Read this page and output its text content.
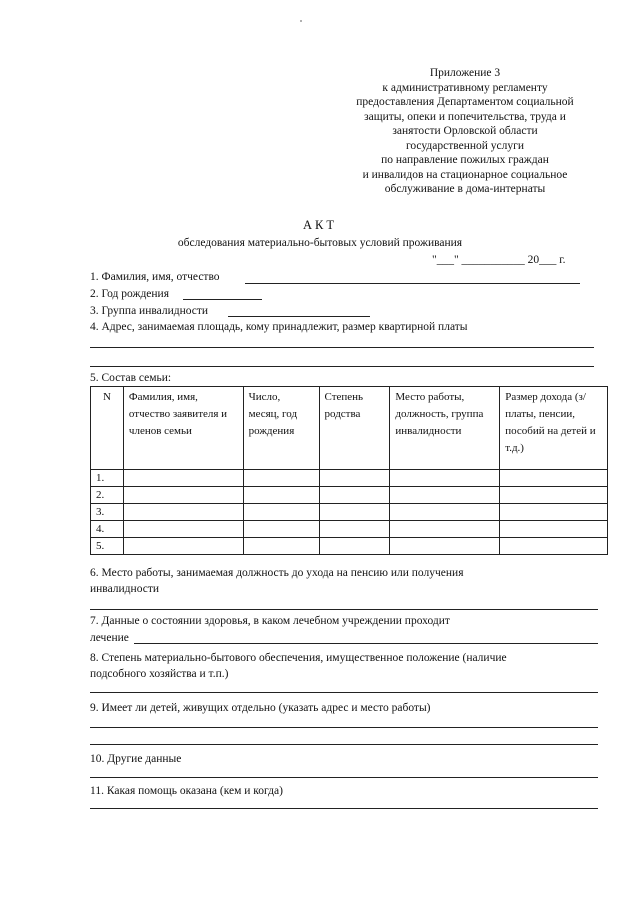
Приложение 3
к административному регламенту
предоставления Департаментом социальной
защиты, опеки и попечительства, труда и
занятости Орловской области
государственной услуги
по направление пожилых граждан
и инвалидов на стационарное социальное
обслуживание в дома-интернаты
АКТ
обследования материально-бытовых условий проживания
"___" ___________ 20___ г.
1. Фамилия, имя, отчество
2. Год рождения
3. Группа инвалидности
4. Адрес, занимаемая площадь, кому принадлежит, размер квартирной платы
5. Состав семьи:
N	Фамилия, имя, отчество заявителя и членов семьи	Число, месяц, год рождения	Степень родства	Место работы, должность, группа инвалидности	Размер дохода (з/платы, пенсии, пособий на детей и т.д.)
1.					
2.					
3.					
4.					
5.					
6. Место работы, занимаемая должность до ухода на пенсию или получения
инвалидности
7. Данные о состоянии здоровья, в каком лечебном учреждении проходит
лечение
8. Степень материально-бытового обеспечения, имущественное положение (наличие
подсобного хозяйства и т.п.)
9. Имеет ли детей, живущих отдельно (указать адрес и место работы)
10. Другие данные
11. Какая помощь оказана (кем и когда)
